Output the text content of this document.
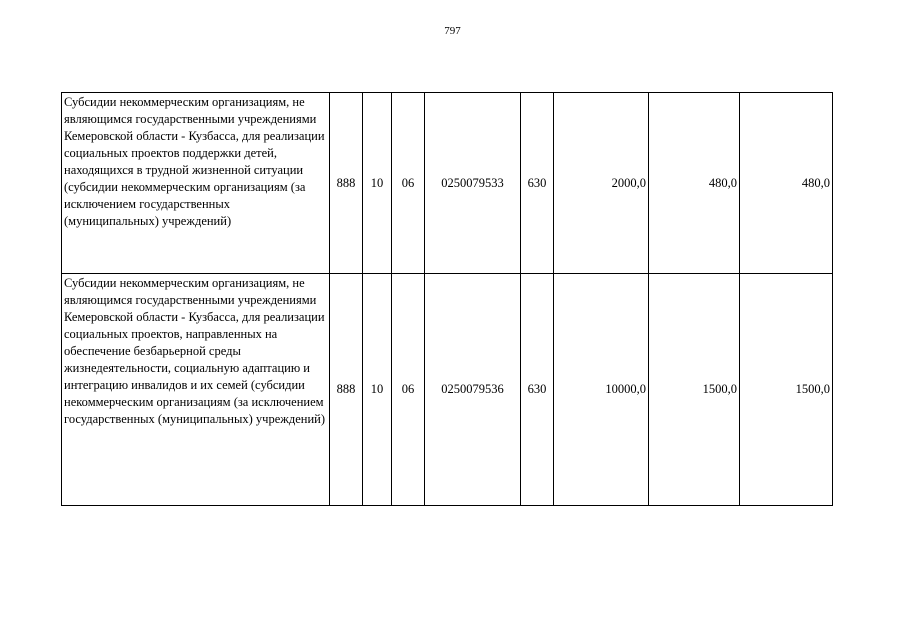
797
Субсидии некоммерческим организациям, не являющимся государственными учреждениями Кемеровской области - Кузбасса, для реализации социальных проектов поддержки детей, находящихся в трудной жизненной ситуации (субсидии некоммерческим организациям (за исключением государственных (муниципальных) учреждений)	888	10	06	0250079533	630	2000,0	480,0	480,0
Субсидии некоммерческим организациям, не являющимся государственными учреждениями Кемеровской области - Кузбасса, для реализации социальных проектов, направленных на обеспечение безбарьерной среды жизнедеятельности, социальную адаптацию и интеграцию инвалидов и их семей (субсидии некоммерческим организациям (за исключением государственных (муниципальных) учреждений)	888	10	06	0250079536	630	10000,0	1500,0	1500,0
